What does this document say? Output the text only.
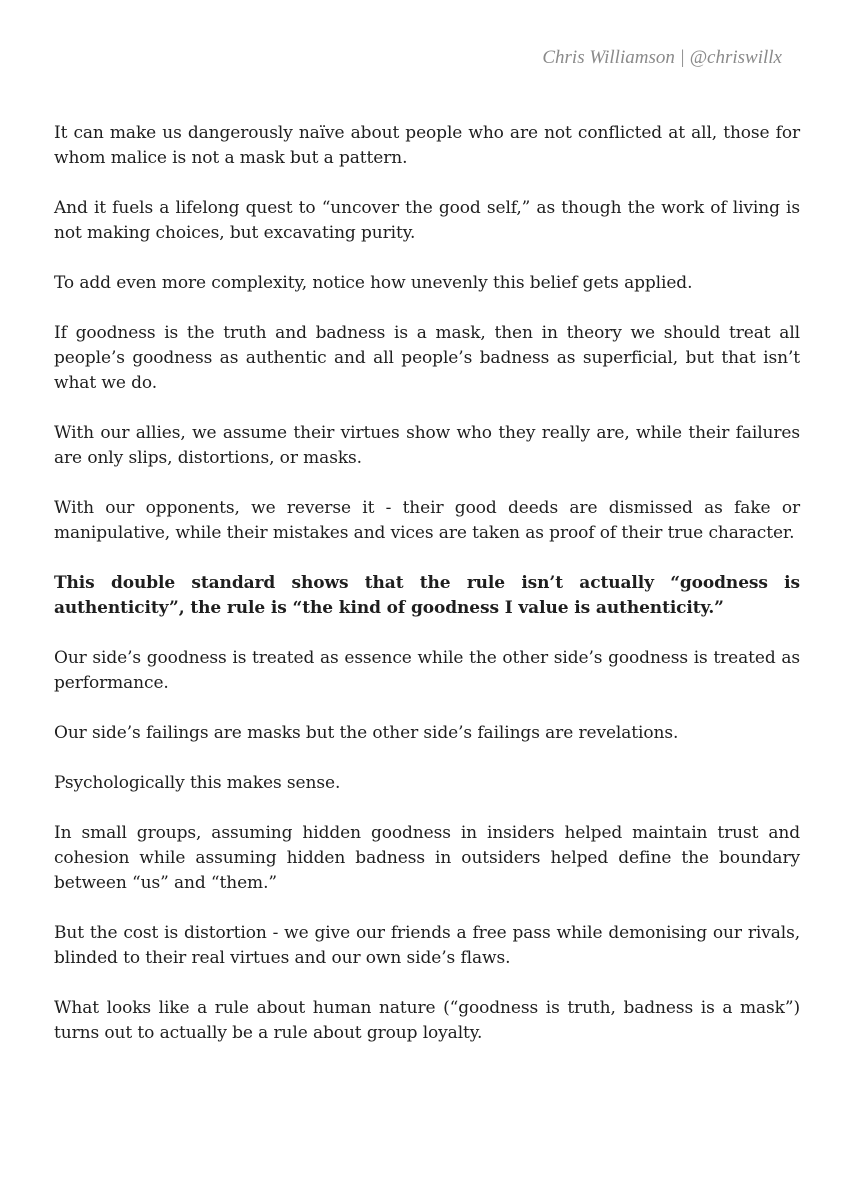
Chris Williamson | @chriswillx

It can make us dangerously naïve about people who are not conflicted at all, those for whom malice is not a mask but a pattern.

And it fuels a lifelong quest to “uncover the good self,” as though the work of living is not making choices, but excavating purity.

To add even more complexity, notice how unevenly this belief gets applied.

If goodness is the truth and badness is a mask, then in theory we should treat all people’s goodness as authentic and all people’s badness as superficial, but that isn’t what we do.

With our allies, we assume their virtues show who they really are, while their failures are only slips, distortions, or masks.

With our opponents, we reverse it - their good deeds are dismissed as fake or manipulative, while their mistakes and vices are taken as proof of their true character.

This double standard shows that the rule isn’t actually “goodness is authenticity”, the rule is “the kind of goodness I value is authenticity.”

Our side’s goodness is treated as essence while the other side’s goodness is treated as performance.

Our side’s failings are masks but the other side’s failings are revelations.

Psychologically this makes sense.

In small groups, assuming hidden goodness in insiders helped maintain trust and cohesion while assuming hidden badness in outsiders helped define the boundary between “us” and “them.”

But the cost is distortion - we give our friends a free pass while demonising our rivals, blinded to their real virtues and our own side’s flaws.

What looks like a rule about human nature (“goodness is truth, badness is a mask”) turns out to actually be a rule about group loyalty.
